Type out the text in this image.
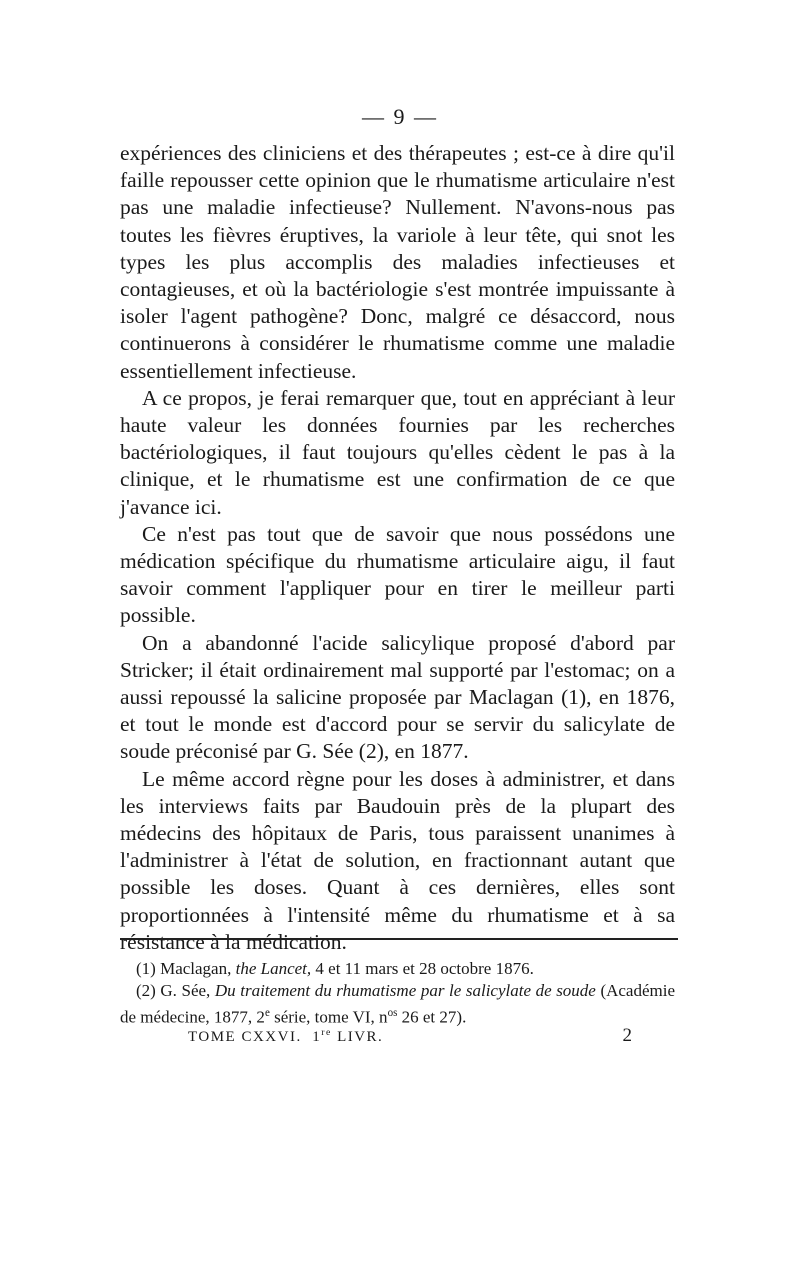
— 9 —

expériences des cliniciens et des thérapeutes ; est-ce à dire qu'il faille repousser cette opinion que le rhumatisme articulaire n'est pas une maladie infectieuse? Nullement. N'avons-nous pas toutes les fièvres éruptives, la variole à leur tête, qui snot les types les plus accomplis des maladies infectieuses et contagieuses, et où la bactériologie s'est montrée impuissante à isoler l'agent pathogène? Donc, malgré ce désaccord, nous continuerons à considérer le rhumatisme comme une maladie essentiellement infectieuse.

A ce propos, je ferai remarquer que, tout en appréciant à leur haute valeur les données fournies par les recherches bactériologiques, il faut toujours qu'elles cèdent le pas à la clinique, et le rhumatisme est une confirmation de ce que j'avance ici.

Ce n'est pas tout que de savoir que nous possédons une médication spécifique du rhumatisme articulaire aigu, il faut savoir comment l'appliquer pour en tirer le meilleur parti possible.

On a abandonné l'acide salicylique proposé d'abord par Stricker; il était ordinairement mal supporté par l'estomac; on a aussi repoussé la salicine proposée par Maclagan (1), en 1876, et tout le monde est d'accord pour se servir du salicylate de soude préconisé par G. Sée (2), en 1877.

Le même accord règne pour les doses à administrer, et dans les interviews faits par Baudouin près de la plupart des médecins des hôpitaux de Paris, tous paraissent unanimes à l'administrer à l'état de solution, en fractionnant autant que possible les doses. Quant à ces dernières, elles sont proportionnées à l'intensité même du rhumatisme et à sa résistance à la médication.

(1) Maclagan, the Lancet, 4 et 11 mars et 28 octobre 1876.

(2) G. Sée, Du traitement du rhumatisme par le salicylate de soude (Académie de médecine, 1877, 2e série, tome VI, $n^{os}$ 26 et 27).

TOME CXXVI. 1re LIVR.	2
